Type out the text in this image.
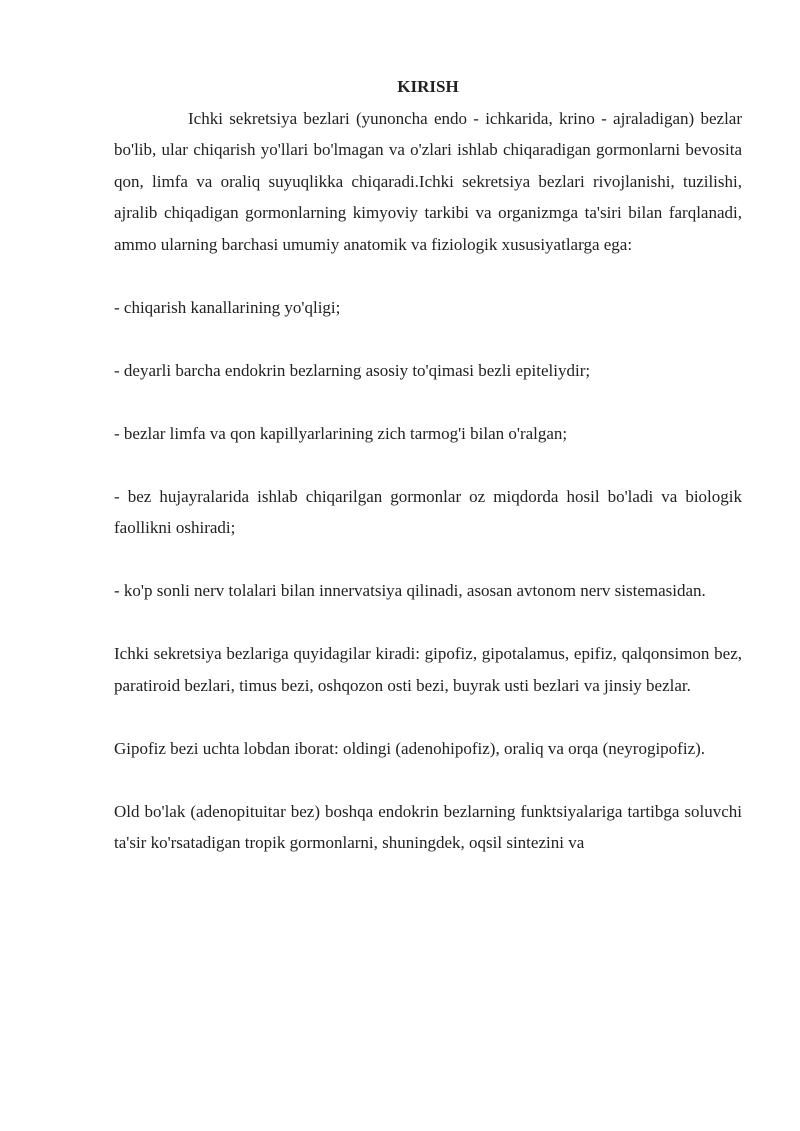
KIRISH

Ichki sekretsiya bezlari (yunoncha endo - ichkarida, krino - ajraladigan) bezlar bo'lib, ular chiqarish yo'llari bo'lmagan va o'zlari ishlab chiqaradigan gormonlarni bevosita qon, limfa va oraliq suyuqlikka chiqaradi.Ichki sekretsiya bezlari rivojlanishi, tuzilishi, ajralib chiqadigan gormonlarning kimyoviy tarkibi va organizmga ta'siri bilan farqlanadi, ammo ularning barchasi umumiy anatomik va fiziologik xususiyatlarga ega:

- chiqarish kanallarining yo'qligi;

- deyarli barcha endokrin bezlarning asosiy to'qimasi bezli epiteliydir;

- bezlar limfa va qon kapillyarlarining zich tarmog'i bilan o'ralgan;

- bez hujayralarida ishlab chiqarilgan gormonlar oz miqdorda hosil bo'ladi va biologik faollikni oshiradi;

- ko'p sonli nerv tolalari bilan innervatsiya qilinadi, asosan avtonom nerv sistemasidan.

Ichki sekretsiya bezlariga quyidagilar kiradi: gipofiz, gipotalamus, epifiz, qalqonsimon bez, paratiroid bezlari, timus bezi, oshqozon osti bezi, buyrak usti bezlari va jinsiy bezlar.

Gipofiz bezi uchta lobdan iborat: oldingi (adenohipofiz), oraliq va orqa (neyrogipofiz).

Old bo'lak (adenopituitar bez) boshqa endokrin bezlarning funktsiyalariga tartibga soluvchi ta'sir ko'rsatadigan tropik gormonlarni, shuningdek, oqsil sintezini va
